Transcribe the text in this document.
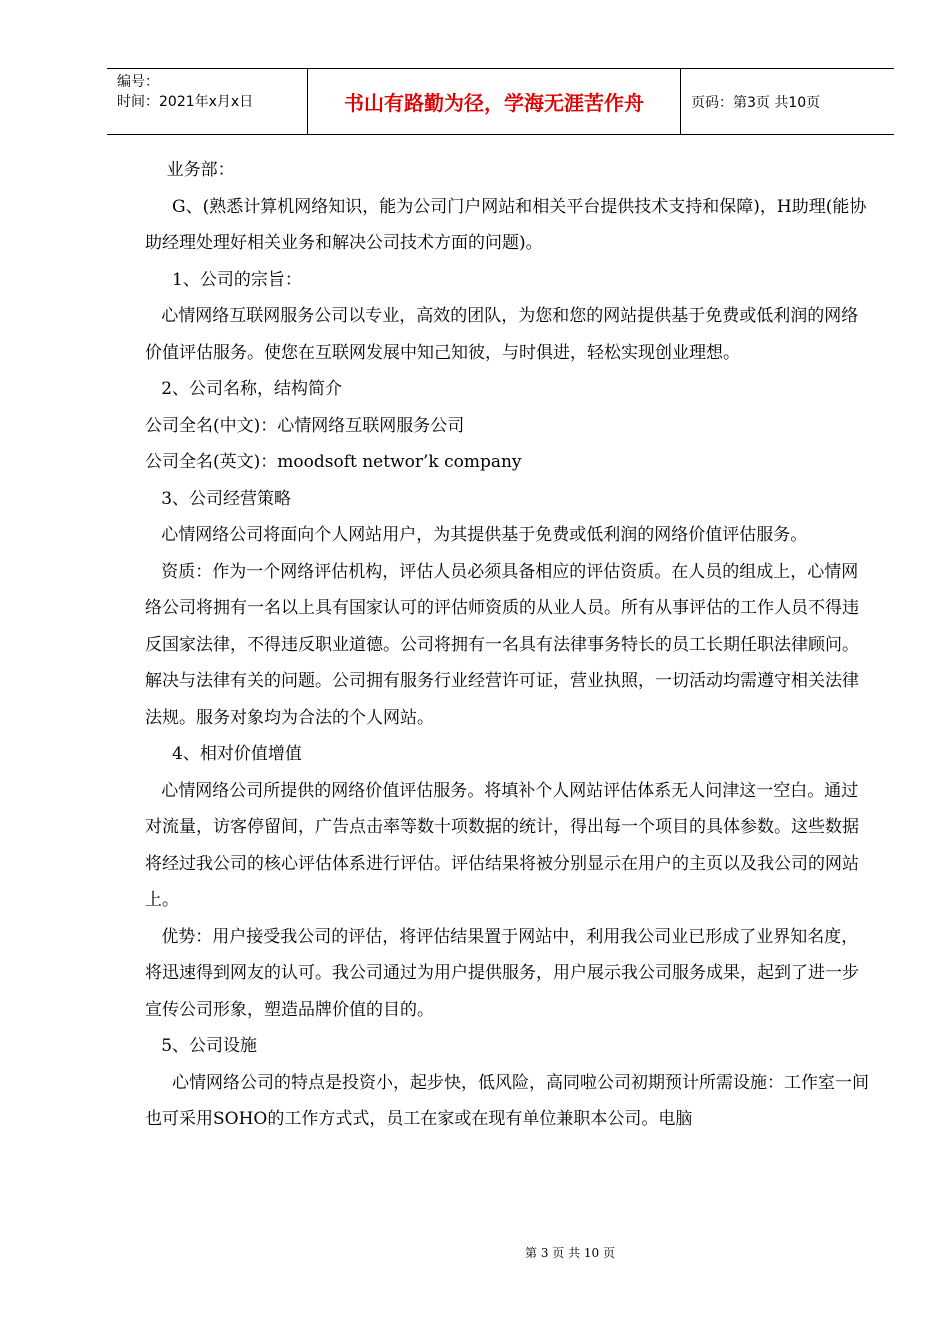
编号：
时间：2021年x月x日	书山有路勤为径，学海无涯苦作舟	页码：第3页 共10页

业务部：

G、(熟悉计算机网络知识，能为公司门户网站和相关平台提供技术支持和保障)，H助理(能协助经理处理好相关业务和解决公司技术方面的问题)。

1、公司的宗旨：

心情网络互联网服务公司以专业，高效的团队，为您和您的网站提供基于免费或低利润的网络价值评估服务。使您在互联网发展中知己知彼，与时俱进，轻松实现创业理想。

2、公司名称，结构简介

公司全名(中文)：心情网络互联网服务公司

公司全名(英文)：moodsoft networ’k company

3、公司经营策略

心情网络公司将面向个人网站用户，为其提供基于免费或低利润的网络价值评估服务。

资质：作为一个网络评估机构，评估人员必须具备相应的评估资质。在人员的组成上，心情网络公司将拥有一名以上具有国家认可的评估师资质的从业人员。所有从事评估的工作人员不得违反国家法律，不得违反职业道德。公司将拥有一名具有法律事务特长的员工长期任职法律顾问。解决与法律有关的问题。公司拥有服务行业经营许可证，营业执照，一切活动均需遵守相关法律法规。服务对象均为合法的个人网站。

4、相对价值增值

心情网络公司所提供的网络价值评估服务。将填补个人网站评估体系无人问津这一空白。通过对流量，访客停留间，广告点击率等数十项数据的统计，得出每一个项目的具体参数。这些数据将经过我公司的核心评估体系进行评估。评估结果将被分别显示在用户的主页以及我公司的网站上。

优势：用户接受我公司的评估，将评估结果置于网站中，利用我公司业已形成了业界知名度，将迅速得到网友的认可。我公司通过为用户提供服务，用户展示我公司服务成果，起到了进一步宣传公司形象，塑造品牌价值的目的。

5、公司设施

心情网络公司的特点是投资小，起步快，低风险，高同啦公司初期预计所需设施：工作室一间也可采用SOHO的工作方式式，员工在家或在现有单位兼职本公司。电脑

第 3 页 共 10 页
